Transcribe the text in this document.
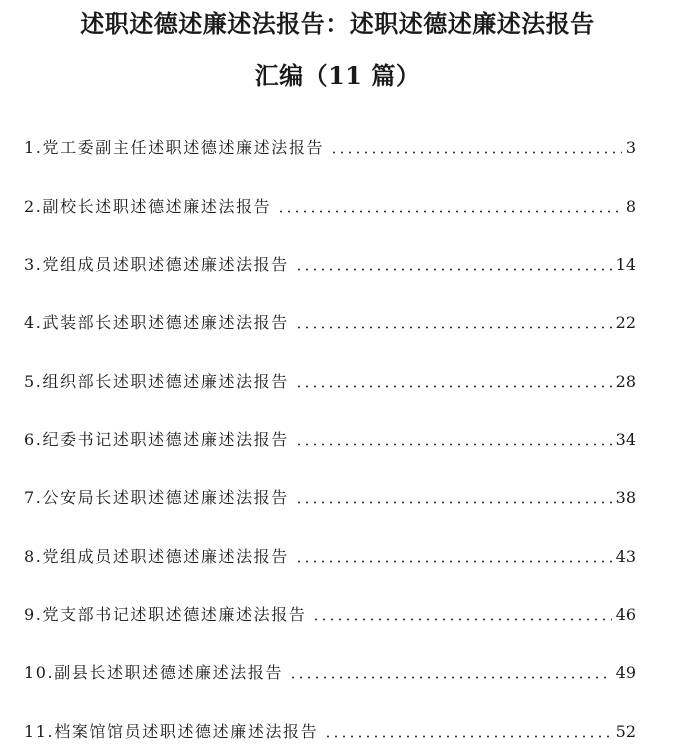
述职述德述廉述法报告：述职述德述廉述法报告
汇编（11 篇）
1.党工委副主任述职述德述廉述法报告	3
2.副校长述职述德述廉述法报告	8
3.党组成员述职述德述廉述法报告	14
4.武装部长述职述德述廉述法报告	22
5.组织部长述职述德述廉述法报告	28
6.纪委书记述职述德述廉述法报告	34
7.公安局长述职述德述廉述法报告	38
8.党组成员述职述德述廉述法报告	43
9.党支部书记述职述德述廉述法报告	46
10.副县长述职述德述廉述法报告	49
11.档案馆馆员述职述德述廉述法报告	52
